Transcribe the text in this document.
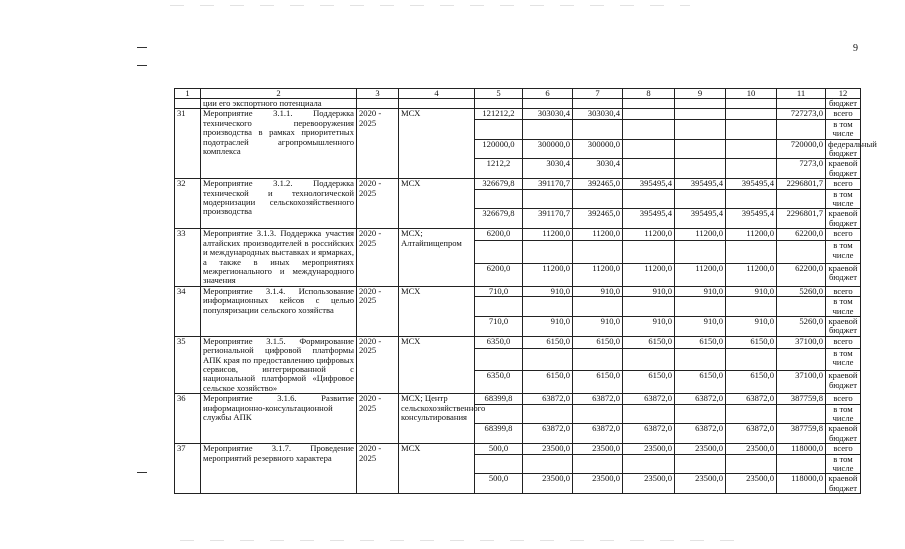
9
1	2	3	4	5	6	7	8	9	10	11	12
	ции его экспортного потенциала										бюджет
31	Мероприятие 3.1.1. Поддержка технического перевооружения производства в рамках приоритетных подотраслей агропромышленного комплекса	2020 - 2025	МСХ	121212,2	303030,4	303030,4				727273,0	всего
											в том числе
				120000,0	300000,0	300000,0				720000,0	федеральный бюджет
				1212,2	3030,4	3030,4				7273,0	краевой бюджет
32	Мероприятие 3.1.2. Поддержка технической и технологической модернизации сельскохозяйственного производства	2020 - 2025	МСХ	326679,8	391170,7	392465,0	395495,4	395495,4	395495,4	2296801,7	всего
											в том числе
				326679,8	391170,7	392465,0	395495,4	395495,4	395495,4	2296801,7	краевой бюджет
33	Мероприятие 3.1.3. Поддержка участия алтайских производителей в российских и международных выставках и ярмарках, а также в иных мероприятиях межрегионального и международного значения	2020 - 2025	МСХ; Алтайпищепром	6200,0	11200,0	11200,0	11200,0	11200,0	11200,0	62200,0	всего
											в том числе
				6200,0	11200,0	11200,0	11200,0	11200,0	11200,0	62200,0	краевой бюджет
34	Мероприятие 3.1.4. Использование информационных кейсов с целью популяризации сельского хозяйства	2020 - 2025	МСХ	710,0	910,0	910,0	910,0	910,0	910,0	5260,0	всего
											в том числе
				710,0	910,0	910,0	910,0	910,0	910,0	5260,0	краевой бюджет
35	Мероприятие 3.1.5. Формирование региональной цифровой платформы АПК края по предоставлению цифровых сервисов, интегрированной с национальной платформой «Цифровое сельское хозяйство»	2020 - 2025	МСХ	6350,0	6150,0	6150,0	6150,0	6150,0	6150,0	37100,0	всего
											в том числе
				6350,0	6150,0	6150,0	6150,0	6150,0	6150,0	37100,0	краевой бюджет
36	Мероприятие 3.1.6. Развитие информационно-консультационной службы АПК	2020 - 2025	МСХ; Центр сельскохозяйственного консультирования	68399,8	63872,0	63872,0	63872,0	63872,0	63872,0	387759,8	всего
											в том числе
				68399,8	63872,0	63872,0	63872,0	63872,0	63872,0	387759,8	краевой бюджет
37	Мероприятие 3.1.7. Проведение мероприятий резервного характера	2020 - 2025	МСХ	500,0	23500,0	23500,0	23500,0	23500,0	23500,0	118000,0	всего
											в том числе
				500,0	23500,0	23500,0	23500,0	23500,0	23500,0	118000,0	краевой бюджет
